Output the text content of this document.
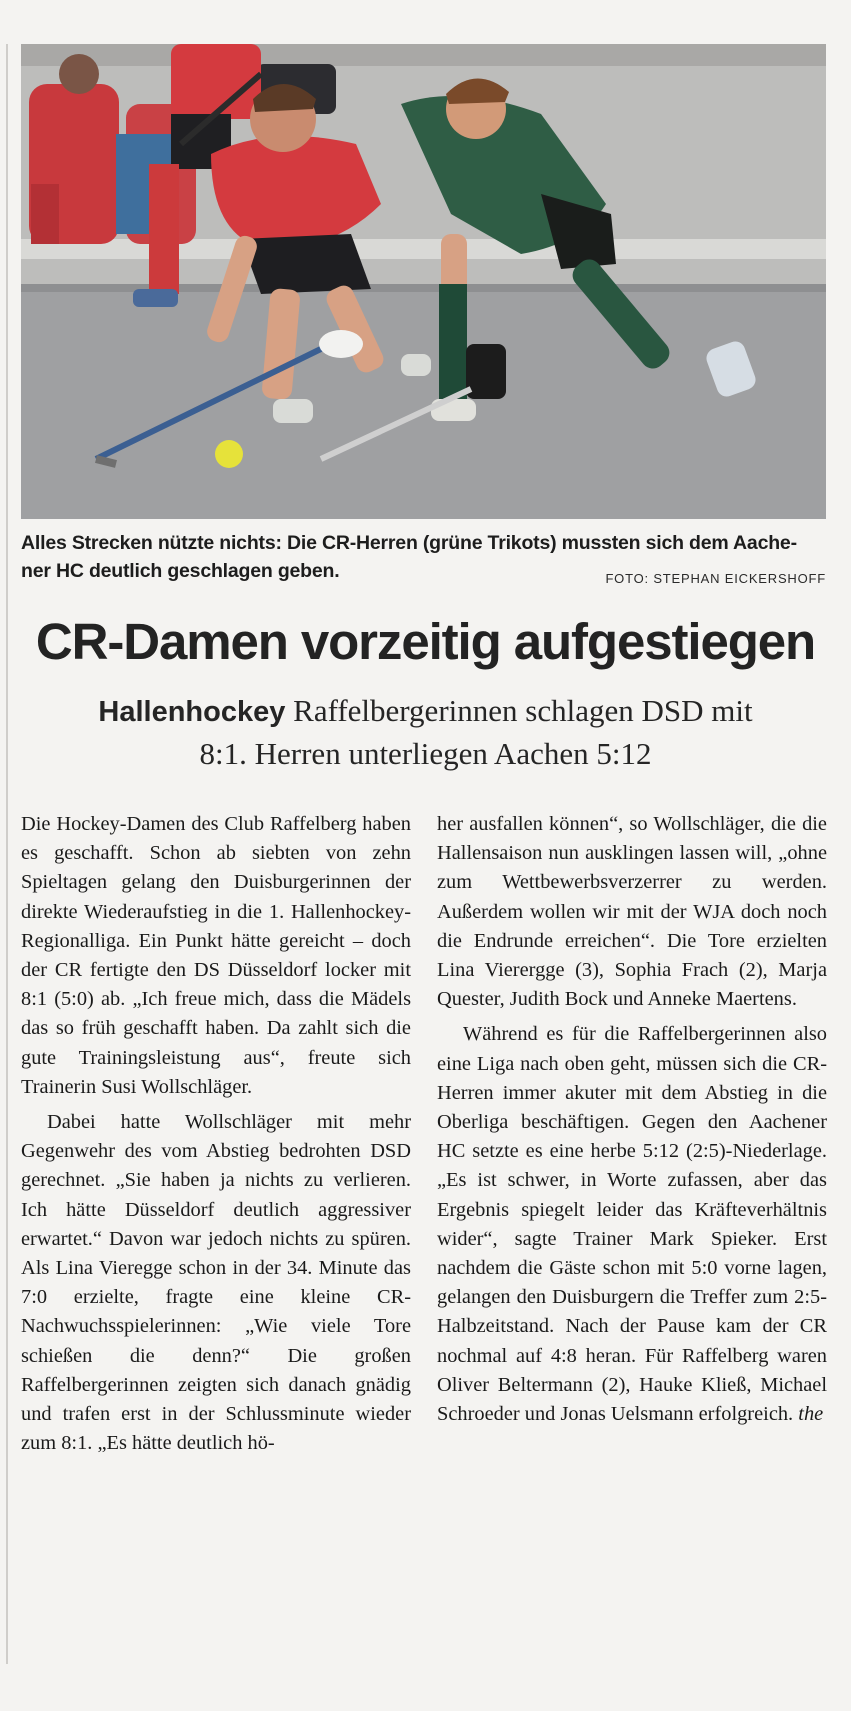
Alles Strecken nützte nichts: Die CR-Herren (grüne Trikots) mussten sich dem Aache-
ner HC deutlich geschlagen geben.	FOTO: STEPHAN EICKERSHOFF
CR-Damen vorzeitig aufgestiegen
Hallenhockey Raffelbergerinnen schlagen DSD mit
8:1. Herren unterliegen Aachen 5:12

Die Hockey-Damen des Club Raffelberg haben es geschafft. Schon ab siebten von zehn Spieltagen gelang den Duisburgerinnen der direkte Wiederaufstieg in die 1. Hallenhockey-Regionalliga. Ein Punkt hätte gereicht – doch der CR fertigte den DS Düsseldorf locker mit 8:1 (5:0) ab. „Ich freue mich, dass die Mädels das so früh geschafft haben. Da zahlt sich die gute Trainingsleistung aus“, freute sich Trainerin Susi Wollschläger.

Dabei hatte Wollschläger mit mehr Gegenwehr des vom Abstieg bedrohten DSD gerechnet. „Sie haben ja nichts zu verlieren. Ich hätte Düsseldorf deutlich aggressiver erwartet.“ Davon war jedoch nichts zu spüren. Als Lina Vieregge schon in der 34. Minute das 7:0 erzielte, fragte eine kleine CR-Nachwuchsspielerinnen: „Wie viele Tore schießen die denn?“ Die großen Raffelbergerinnen zeigten sich danach gnädig und trafen erst in der Schlussminute wieder zum 8:1. „Es hätte deutlich hö-

her ausfallen können“, so Wollschläger, die die Hallensaison nun ausklingen lassen will, „ohne zum Wettbewerbsverzerrer zu werden. Außerdem wollen wir mit der WJA doch noch die Endrunde erreichen“. Die Tore erzielten Lina Viererggе (3), Sophia Frach (2), Marja Quester, Judith Bock und Anneke Maertens.

Während es für die Raffelbergerinnen also eine Liga nach oben geht, müssen sich die CR-Herren immer akuter mit dem Abstieg in die Oberliga beschäftigen. Gegen den Aachener HC setzte es eine herbe 5:12 (2:5)-Niederlage. „Es ist schwer, in Worte zufassen, aber das Ergebnis spiegelt leider das Kräfteverhältnis wider“, sagte Trainer Mark Spieker. Erst nachdem die Gäste schon mit 5:0 vorne lagen, gelangen den Duisburgern die Treffer zum 2:5-Halbzeitstand. Nach der Pause kam der CR nochmal auf 4:8 heran. Für Raffelberg waren Oliver Beltermann (2), Hauke Kließ, Michael Schroeder und Jonas Uelsmann erfolgreich. the
